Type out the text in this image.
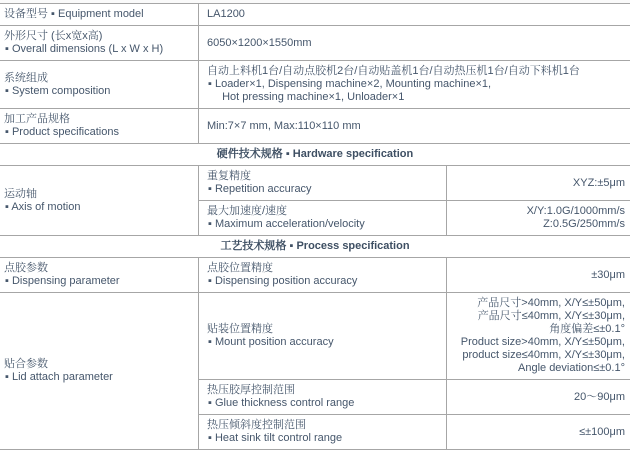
设备型号 ▪ Equipment model	LA1200
外形尺寸 (长x宽x高)
▪ Overall dimensions (L x W x H)
6050×1200×1550mm
系统组成
▪ System composition
自动上料机1台/自动点胶机2台/自动贴盖机1台/自动热压机1台/自动下料机1台
▪ Loader×1, Dispensing machine×2, Mounting machine×1,
Hot pressing machine×1, Unloader×1
加工产品规格
▪ Product specifications
Min:7×7 mm, Max:110×110 mm
硬件技术规格 ▪ Hardware specification
运动轴
▪ Axis of motion
重复精度
▪ Repetition accuracy
XYZ:±5μm
最大加速度/速度
▪ Maximum acceleration/velocity
X/Y:1.0G/1000mm/s
Z:0.5G/250mm/s
工艺技术规格 ▪ Process specification
点胶参数
▪ Dispensing parameter
点胶位置精度
▪ Dispensing position accuracy
±30μm
贴合参数
▪ Lid attach parameter
贴装位置精度
▪ Mount position accuracy
产品尺寸>40mm, X/Y≤±50μm,
产品尺寸≤40mm, X/Y≤±30μm,
角度偏差≤±0.1°
Product size>40mm, X/Y≤±50μm,
product size≤40mm, X/Y≤±30μm,
Angle deviation≤±0.1°
热压胶厚控制范围
▪ Glue thickness control range
20～90μm
热压倾斜度控制范围
▪ Heat sink tilt control range
≤±100μm
